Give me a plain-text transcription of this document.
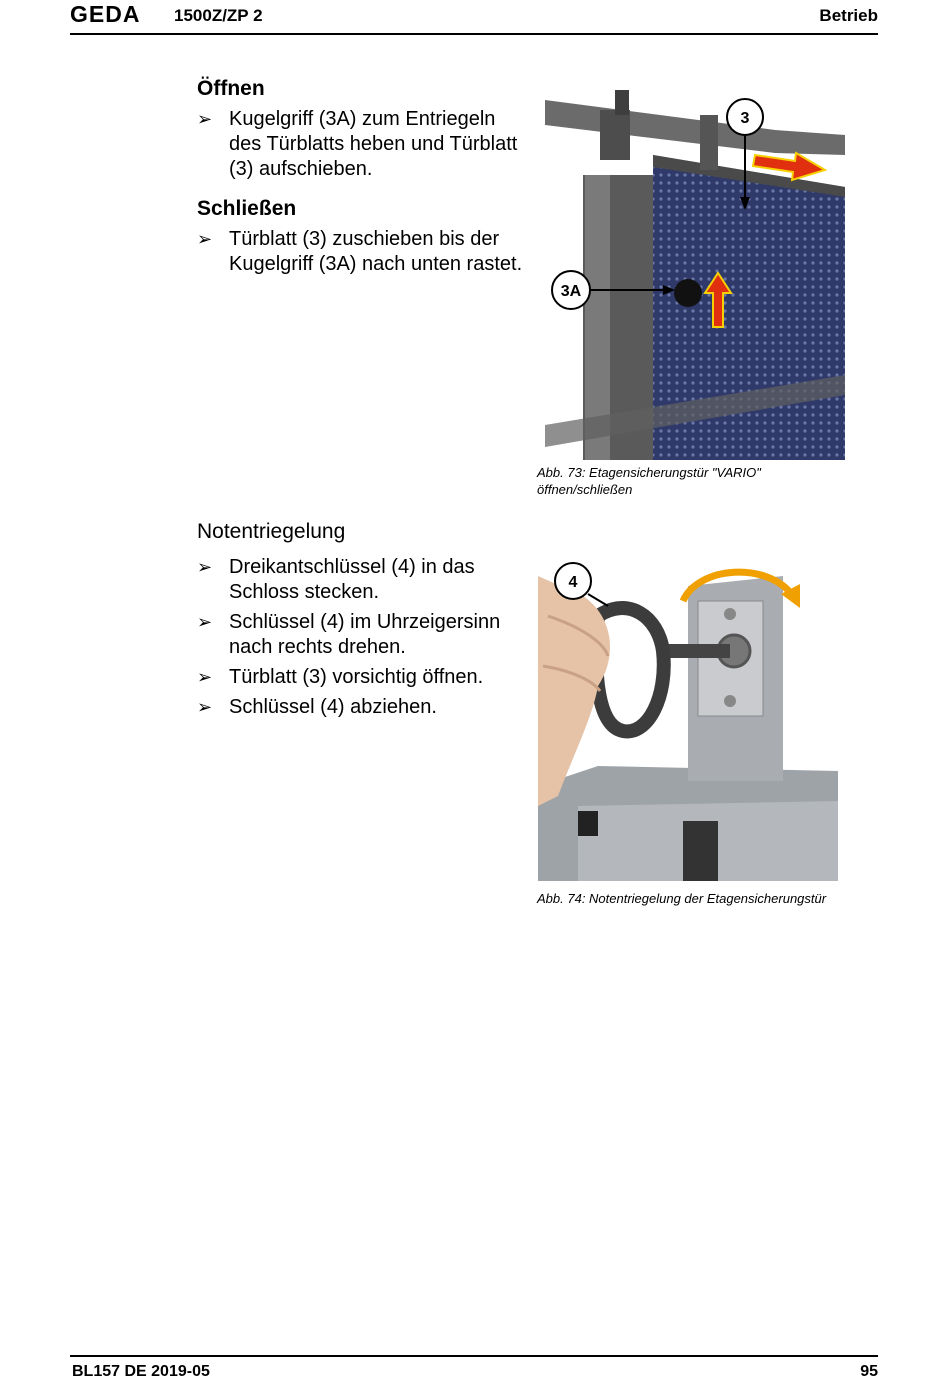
GEDA 1500Z/ZP 2	Betrieb
Öffnen
➢ Kugelgriff (3A) zum Entriegeln des Türblatts heben und Türblatt (3) aufschieben.
Schließen
➢ Türblatt (3) zuschieben bis der Kugelgriff (3A) nach unten rastet.
3
3A
Abb. 73: Etagensicherungstür "VARIO"
öffnen/schließen
Notentriegelung
➢ Dreikantschlüssel (4) in das Schloss stecken.
➢ Schlüssel (4) im Uhrzeigersinn nach rechts drehen.
➢ Türblatt (3) vorsichtig öffnen.
➢ Schlüssel (4) abziehen.
4
Abb. 74: Notentriegelung der Etagensicherungstür
BL157 DE 2019-05	95
